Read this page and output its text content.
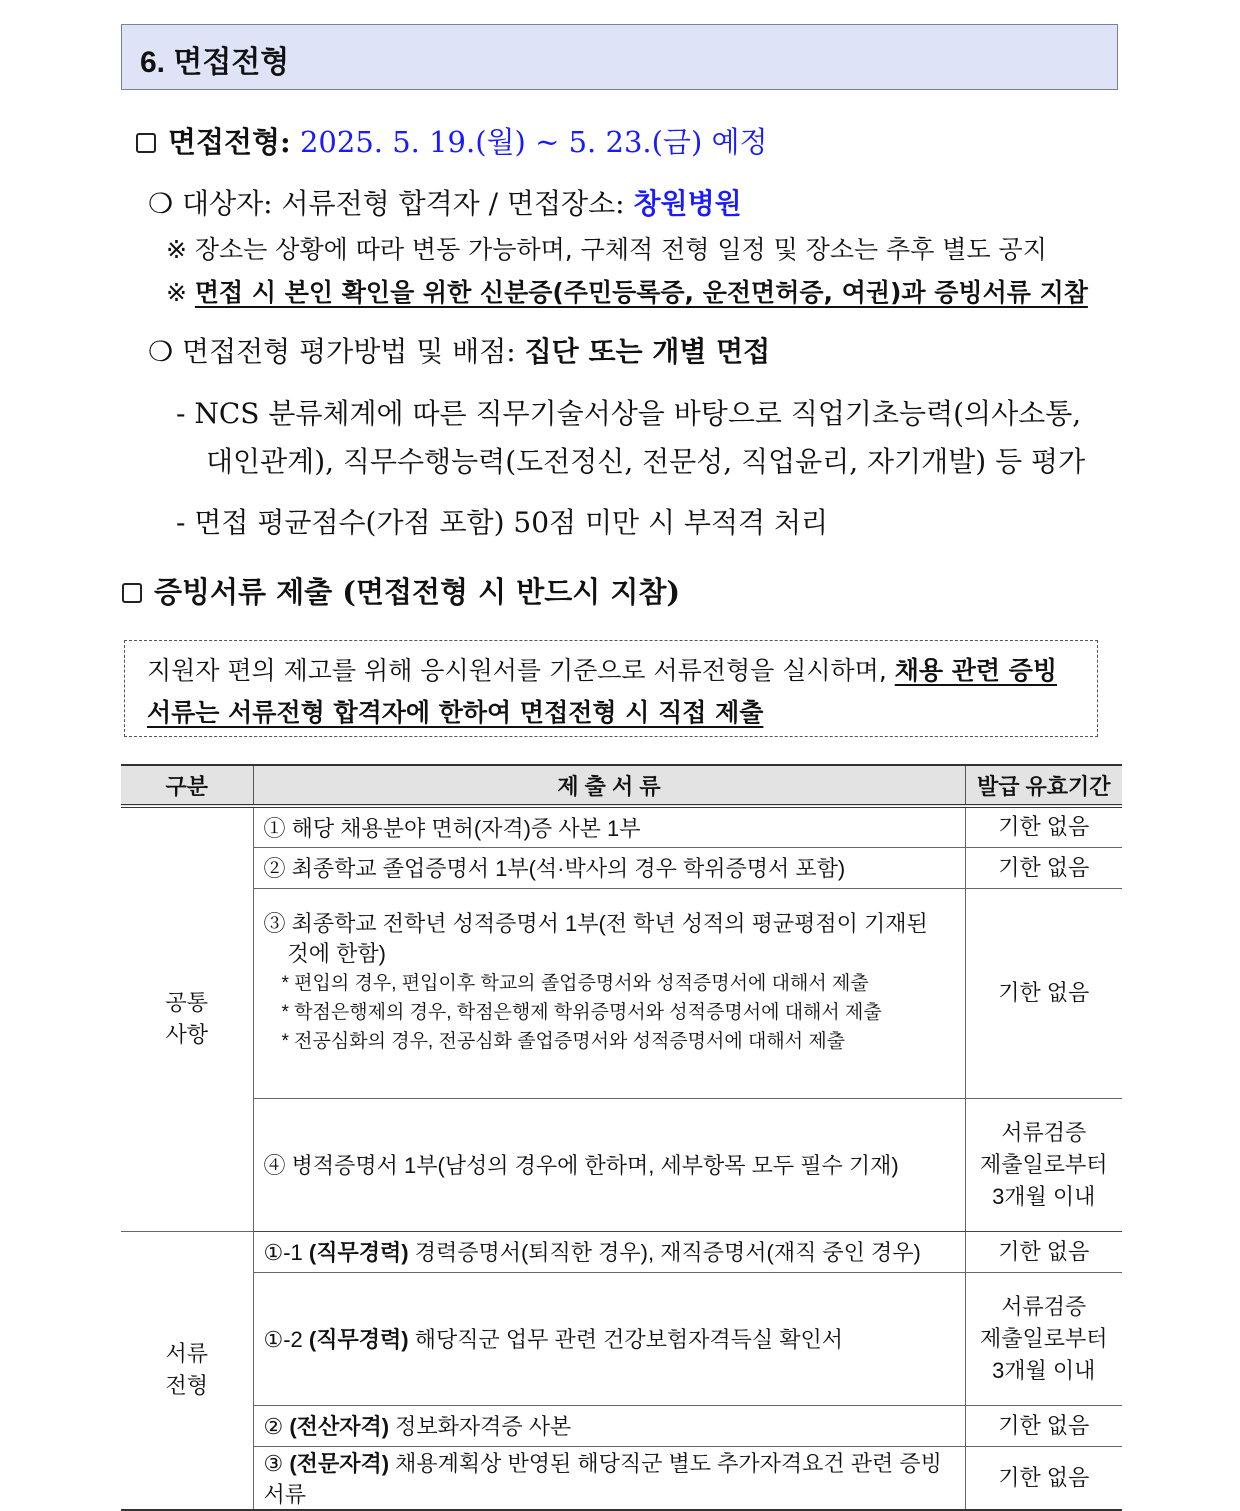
6. 면접전형
면접전형: 2025. 5. 19.(월) ~ 5. 23.(금) 예정
❍ 대상자: 서류전형 합격자 / 면접장소: 창원병원
※ 장소는 상황에 따라 변동 가능하며, 구체적 전형 일정 및 장소는 추후 별도 공지
※ 면접 시 본인 확인을 위한 신분증(주민등록증, 운전면허증, 여권)과 증빙서류 지참
❍ 면접전형 평가방법 및 배점: 집단 또는 개별 면접
- NCS 분류체계에 따른 직무기술서상을 바탕으로 직업기초능력(의사소통,
대인관계), 직무수행능력(도전정신, 전문성, 직업윤리, 자기개발) 등 평가
- 면접 평균점수(가점 포함) 50점 미만 시 부적격 처리
증빙서류 제출 (면접전형 시 반드시 지참)
지원자 편의 제고를 위해 응시원서를 기준으로 서류전형을 실시하며, 채용 관련 증빙
서류는 서류전형 합격자에 한하여 면접전형 시 직접 제출
구분	제 출 서 류	발급 유효기간
공통
사항	① 해당 채용분야 면허(자격)증 사본 1부	기한 없음
	② 최종학교 졸업증명서 1부(석·박사의 경우 학위증명서 포함)	기한 없음

	③ 최종학교 전학년 성적증명서 1부(전 학년 성적의 평균평점이 기재된
것에 한함)
* 편입의 경우, 편입이후 학교의 졸업증명서와 성적증명서에 대해서 제출
* 학점은행제의 경우, 학점은행제 학위증명서와 성적증명서에 대해서 제출
* 전공심화의 경우, 전공심화 졸업증명서와 성적증명서에 대해서 제출	기한 없음
	④ 병적증명서 1부(남성의 경우에 한하며, 세부항목 모두 필수 기재)	서류검증
제출일로부터
3개월 이내
서류
전형	①-1 (직무경력) 경력증명서(퇴직한 경우), 재직증명서(재직 중인 경우)	기한 없음
	①-2 (직무경력) 해당직군 업무 관련 건강보험자격득실 확인서	서류검증
제출일로부터
3개월 이내
	② (전산자격) 정보화자격증 사본	기한 없음
	③ (전문자격) 채용계획상 반영된 해당직군 별도 추가자격요건 관련 증빙서류	기한 없음
